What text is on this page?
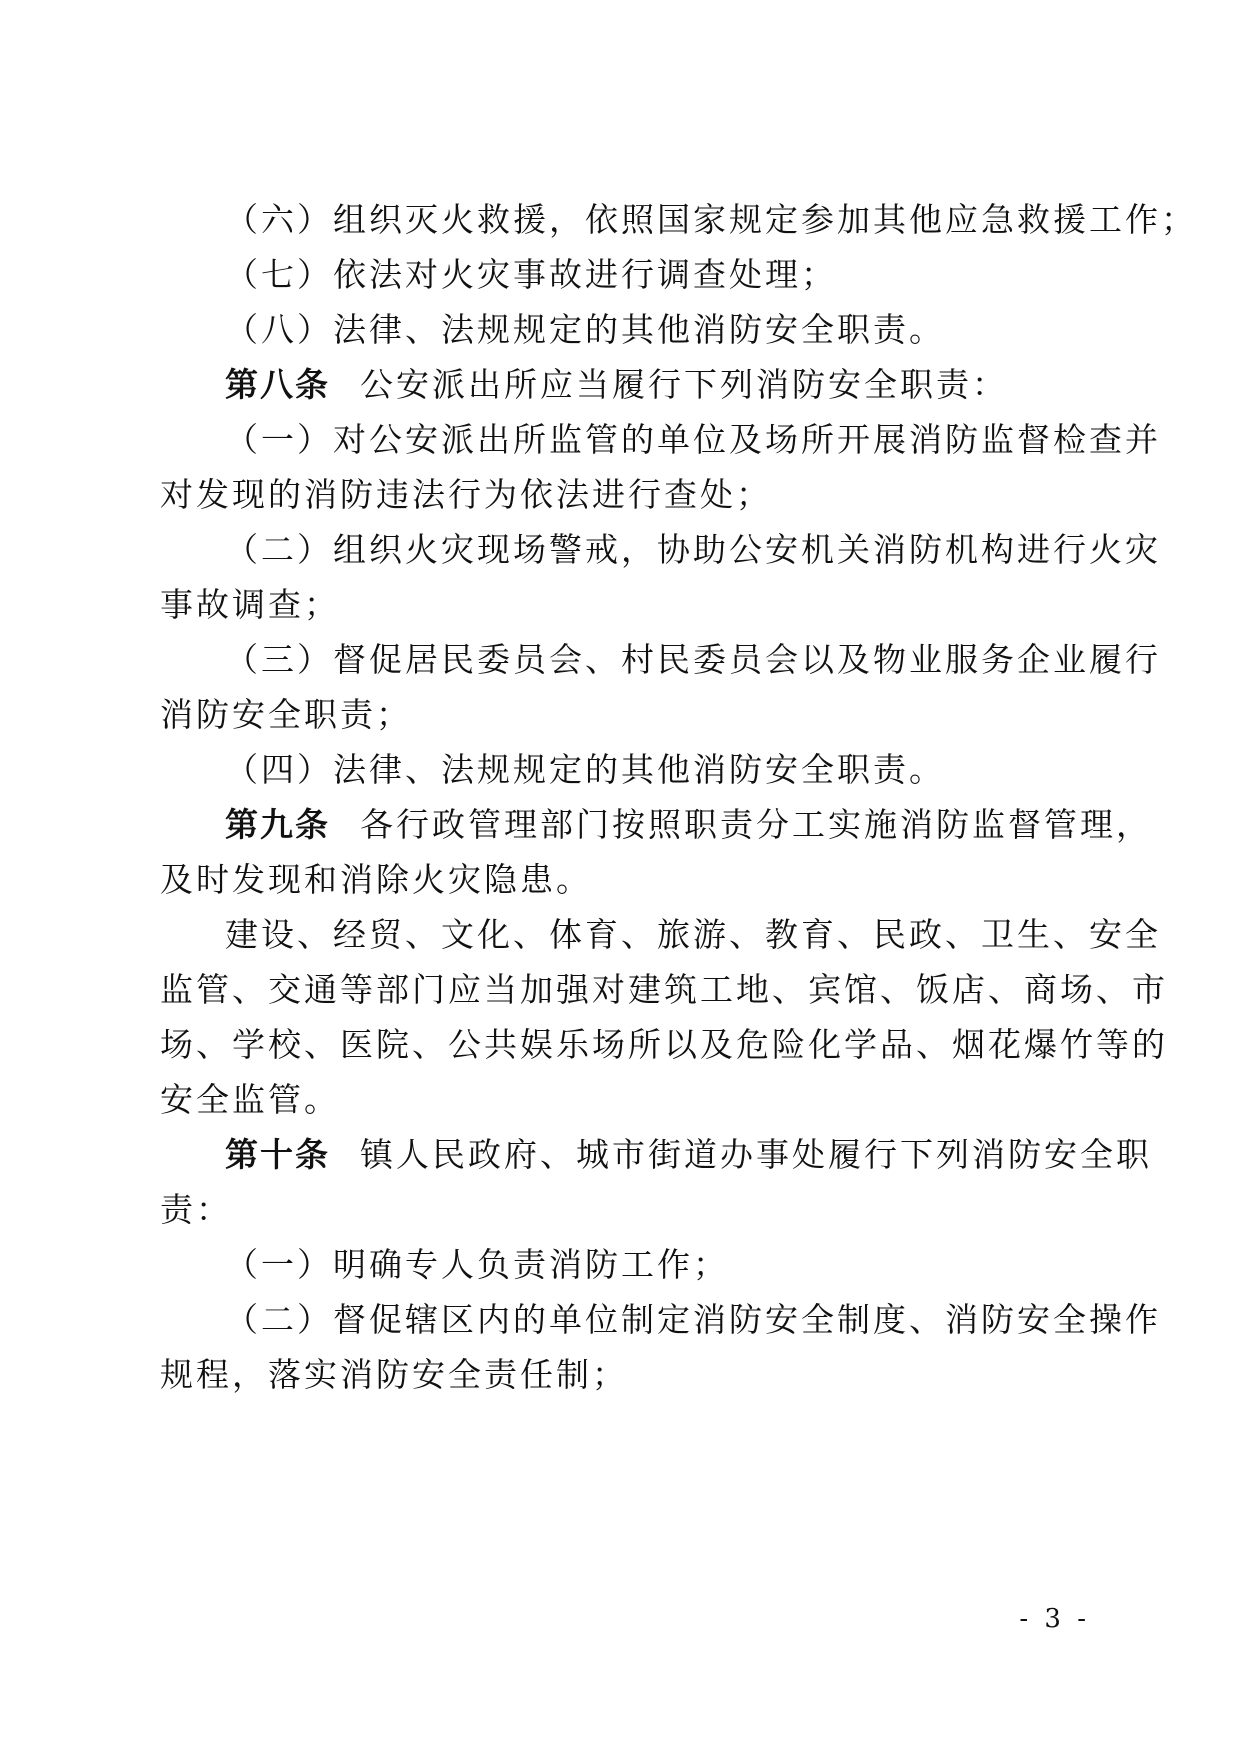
（六）组织灭火救援，依照国家规定参加其他应急救援工作；
（七）依法对火灾事故进行调查处理；
（八）法律、法规规定的其他消防安全职责。
第八条 公安派出所应当履行下列消防安全职责：
（一）对公安派出所监管的单位及场所开展消防监督检查并
对发现的消防违法行为依法进行查处；
（二）组织火灾现场警戒，协助公安机关消防机构进行火灾
事故调查；
（三）督促居民委员会、村民委员会以及物业服务企业履行
消防安全职责；
（四）法律、法规规定的其他消防安全职责。
第九条 各行政管理部门按照职责分工实施消防监督管理，
及时发现和消除火灾隐患。
建设、经贸、文化、体育、旅游、教育、民政、卫生、安全
监管、交通等部门应当加强对建筑工地、宾馆、饭店、商场、市
场、学校、医院、公共娱乐场所以及危险化学品、烟花爆竹等的
安全监管。
第十条 镇人民政府、城市街道办事处履行下列消防安全职
责：
（一）明确专人负责消防工作；
（二）督促辖区内的单位制定消防安全制度、消防安全操作
规程，落实消防安全责任制；
- 3 -
